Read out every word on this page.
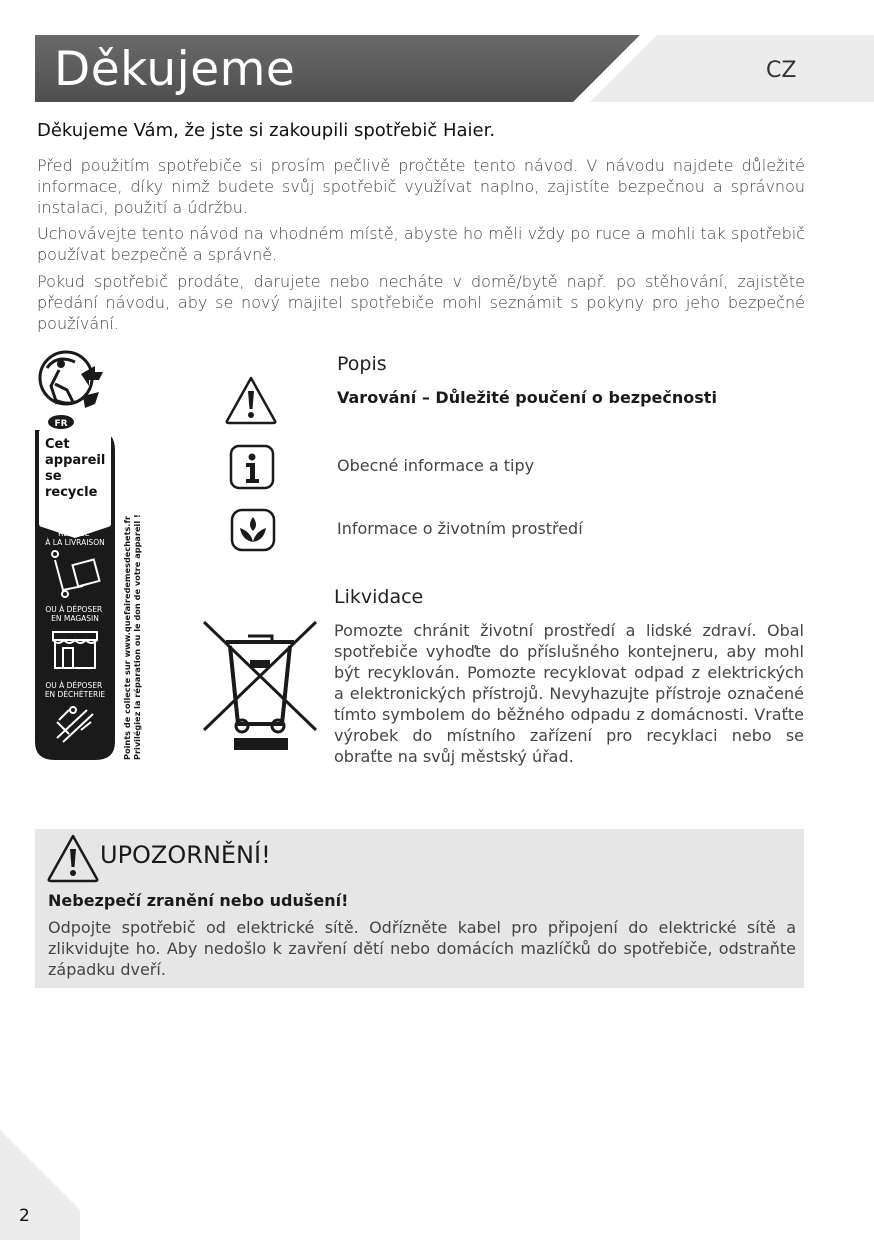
Děkujeme	CZ
Děkujeme Vám, že jste si zakoupili spotřebič Haier.
Před použitím spotřebiče si prosím pečlivě pročtěte tento návod. V návodu najdete důležité informace, díky nimž budete svůj spotřebič využívat naplno, zajistíte bezpečnou a správnou instalaci, použití a údržbu.
Uchovávejte tento návod na vhodném místě, abyste ho měli vždy po ruce a mohli tak spotřebič používat bezpečně a správně.
Pokud spotřebič prodáte, darujete nebo necháte v domě/bytě např. po stěhování, zajistěte předání návodu, aby se nový majitel spotřebiče mohl seznámit s pokyny pro jeho bezpečné používání.
FR
Cet appareil se recycle
REPRISE À LA LIVRAISON
OU À DÉPOSER EN MAGASIN
OU À DÉPOSER EN DÉCHÈTERIE Points de collecte sur www.quefairedemesdechets.fr Privilégiez la réparation ou le don de votre appareil !
Popis
Varování – Důležité poučení o bezpečnosti
Obecné informace a tipy
Informace o životním prostředí
Likvidace
Pomozte chránit životní prostředí a lidské zdraví. Obal spotřebiče vyhoďte do příslušného kontejneru, aby mohl být recyklován. Pomozte recyklovat odpad z elektrických a elektronických přístrojů. Nevyhazujte přístroje označené tímto symbolem do běžného odpadu z domácnosti. Vraťte výrobek do místního zařízení pro recyklaci nebo se obraťte na svůj městský úřad.
UPOZORNĚNÍ!
Nebezpečí zranění nebo udušení!
Odpojte spotřebič od elektrické sítě. Odřízněte kabel pro připojení do elektrické sítě a zlikvidujte ho. Aby nedošlo k zavření dětí nebo domácích mazlíčků do spotřebiče, odstraňte západku dveří.
2
